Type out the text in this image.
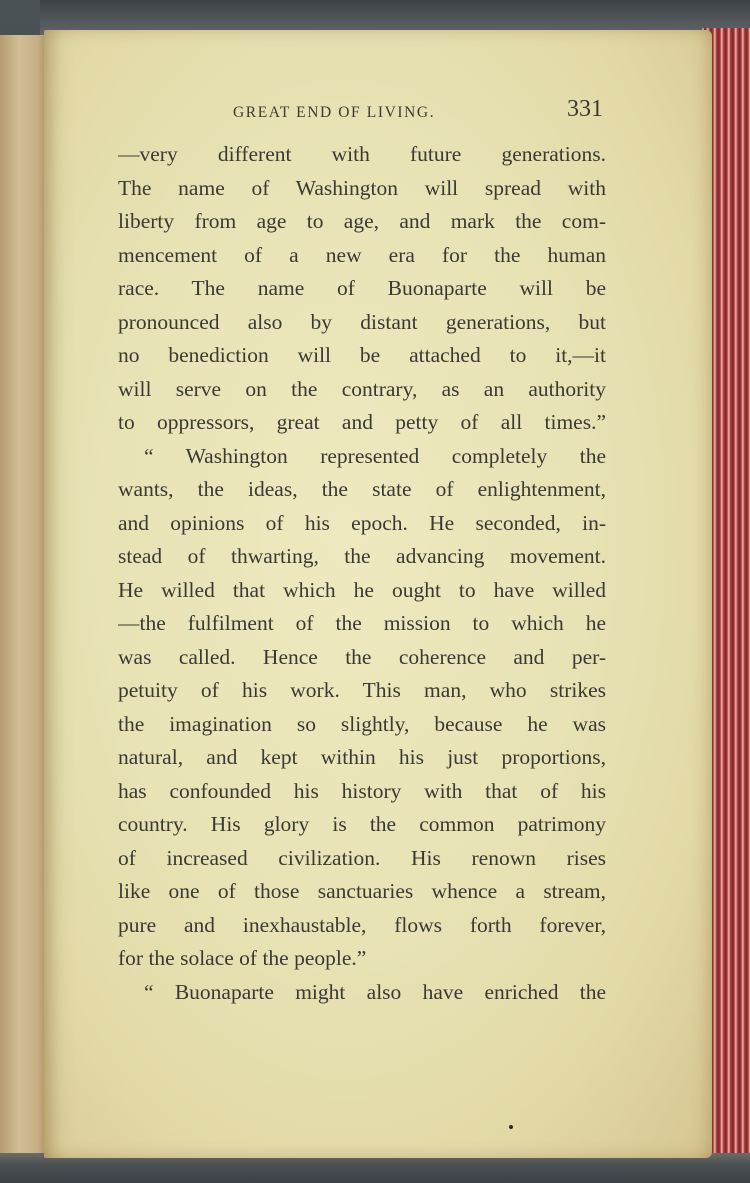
GREAT END OF LIVING.	331
—very different with future generations.
The name of Washington will spread with
liberty from age to age, and mark the com-
mencement of a new era for the human
race. The name of Buonaparte will be
pronounced also by distant generations, but
no benediction will be attached to it,—it
will serve on the contrary, as an authority
to oppressors, great and petty of all times.”
“ Washington represented completely the
wants, the ideas, the state of enlightenment,
and opinions of his epoch. He seconded, in-
stead of thwarting, the advancing movement.
He willed that which he ought to have willed
—the fulfilment of the mission to which he
was called. Hence the coherence and per-
petuity of his work. This man, who strikes
the imagination so slightly, because he was
natural, and kept within his just proportions,
has confounded his history with that of his
country. His glory is the common patrimony
of increased civilization. His renown rises
like one of those sanctuaries whence a stream,
pure and inexhaustable, flows forth forever,
for the solace of the people.”
“ Buonaparte might also have enriched the
